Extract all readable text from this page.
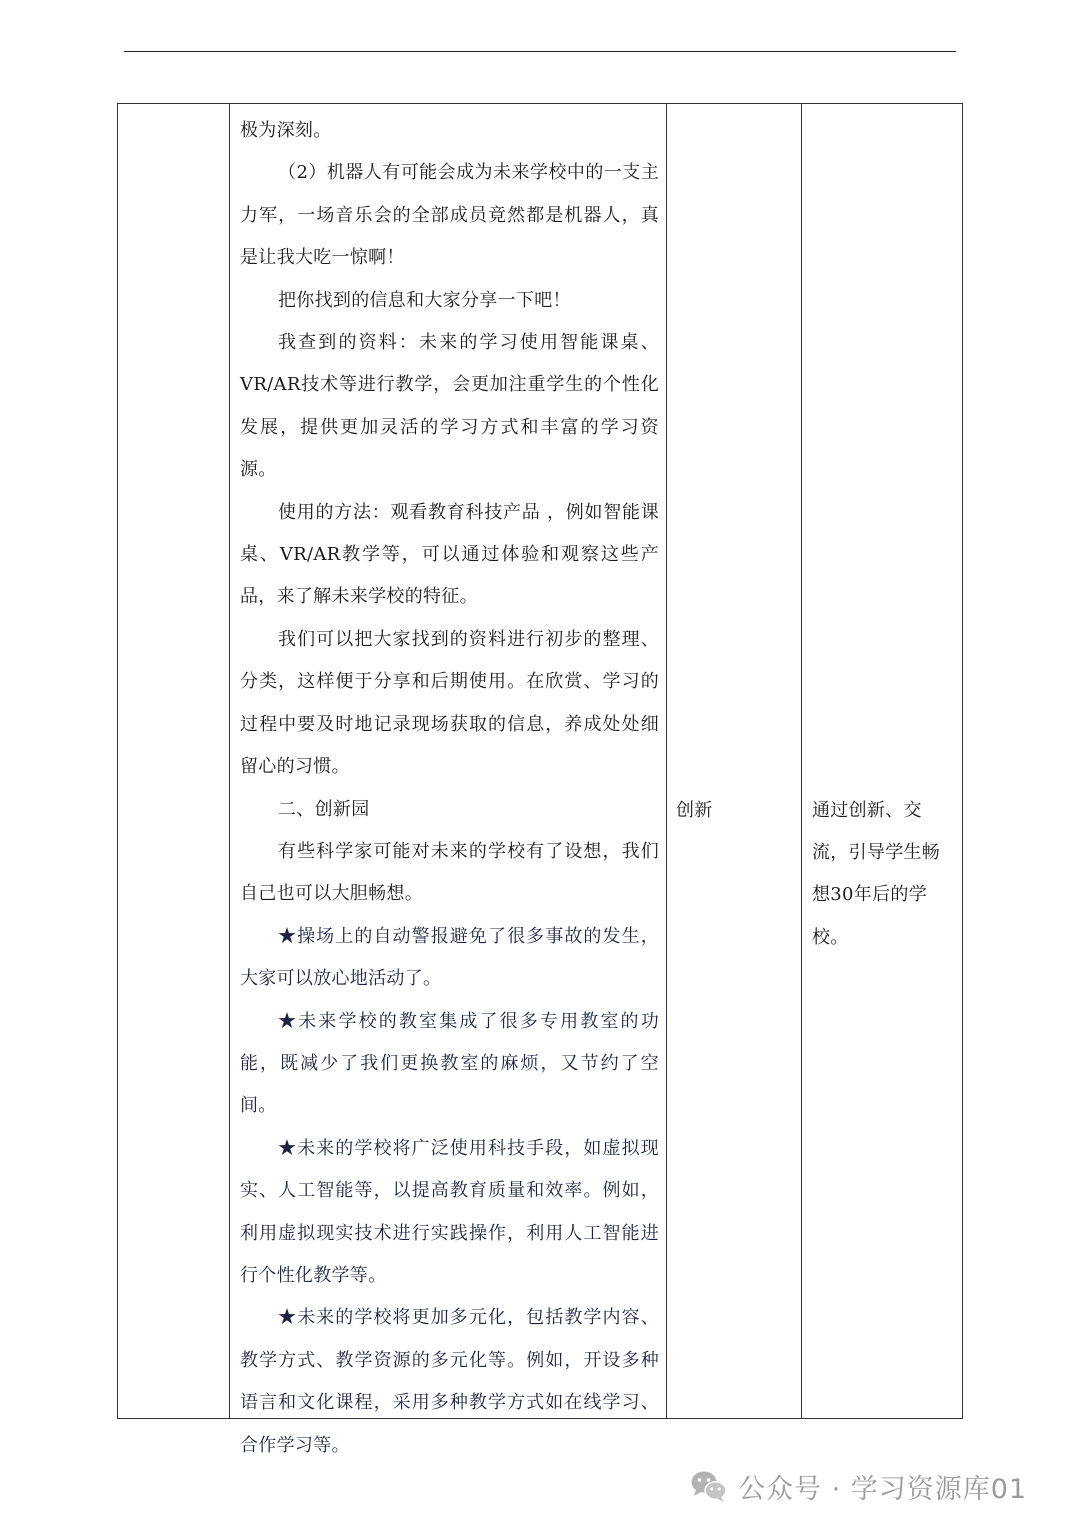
极为深刻。

（2）机器人有可能会成为未来学校中的一支主力军，一场音乐会的全部成员竟然都是机器人，真是让我大吃一惊啊！

把你找到的信息和大家分享一下吧！

我查到的资料：未来的学习使用智能课桌、VR/AR技术等进行教学，会更加注重学生的个性化发展，提供更加灵活的学习方式和丰富的学习资源。

使用的方法：观看教育科技产品 ，例如智能课桌、VR/AR教学等，可以通过体验和观察这些产品，来了解未来学校的特征。

我们可以把大家找到的资料进行初步的整理、分类，这样便于分享和后期使用。在欣赏、学习的过程中要及时地记录现场获取的信息，养成处处细留心的习惯。

二、创新园

有些科学家可能对未来的学校有了设想，我们自己也可以大胆畅想。

★操场上的自动警报避免了很多事故的发生，大家可以放心地活动了。

★未来学校的教室集成了很多专用教室的功能，既减少了我们更换教室的麻烦，又节约了空间。

★未来的学校将广泛使用科技手段，如虚拟现实、人工智能等，以提高教育质量和效率。例如，利用虚拟现实技术进行实践操作，利用人工智能进行个性化教学等。

★未来的学校将更加多元化，包括教学内容、教学方式、教学资源的多元化等。例如，开设多种语言和文化课程，采用多种教学方式如在线学习、合作学习等。

创新	通过创新、交流，引导学生畅想30年后的学校。

公众号 · 学习资源库01
